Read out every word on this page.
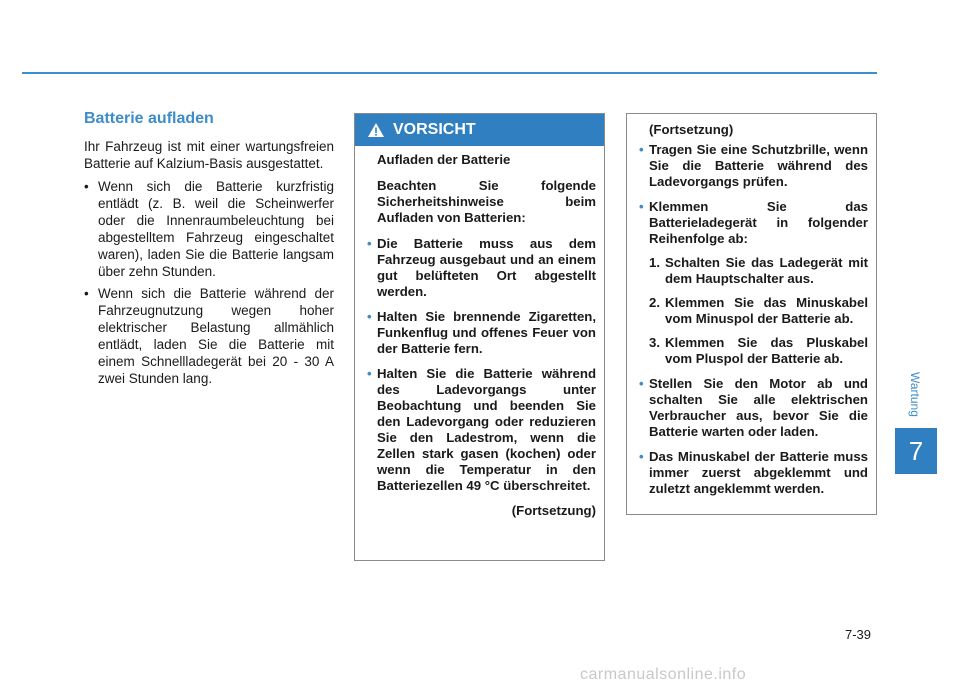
Batterie aufladen

Ihr Fahrzeug ist mit einer wartungsfreien Batterie auf Kalzium-Basis ausgestattet.

• Wenn sich die Batterie kurzfristig entlädt (z. B. weil die Scheinwerfer oder die Innenraumbeleuchtung bei abgestelltem Fahrzeug eingeschaltet waren), laden Sie die Batterie langsam über zehn Stunden.
• Wenn sich die Batterie während der Fahrzeugnutzung wegen hoher elektrischer Belastung allmählich entlädt, laden Sie die Batterie mit einem Schnellladegerät bei 20 - 30 A zwei Stunden lang.
VORSICHT

Aufladen der Batterie

Beachten Sie folgende Sicherheitshinweise beim Aufladen von Batterien:

• Die Batterie muss aus dem Fahrzeug ausgebaut und an einem gut belüfteten Ort abgestellt werden.
• Halten Sie brennende Zigaretten, Funkenflug und offenes Feuer von der Batterie fern.
• Halten Sie die Batterie während des Ladevorgangs unter Beobachtung und beenden Sie den Ladevorgang oder reduzieren Sie den Ladestrom, wenn die Zellen stark gasen (kochen) oder wenn die Temperatur in den Batteriezellen 49 °C überschreitet.

(Fortsetzung)

(Fortsetzung)

• Tragen Sie eine Schutzbrille, wenn Sie die Batterie während des Ladevorgangs prüfen.
• Klemmen Sie das Batterieladegerät in folgender Reihenfolge ab:
1. Schalten Sie das Ladegerät mit dem Hauptschalter aus.
2. Klemmen Sie das Minuskabel vom Minuspol der Batterie ab.
3. Klemmen Sie das Pluskabel vom Pluspol der Batterie ab.
• Stellen Sie den Motor ab und schalten Sie alle elektrischen Verbraucher aus, bevor Sie die Batterie warten oder laden.
• Das Minuskabel der Batterie muss immer zuerst abgeklemmt und zuletzt angeklemmt werden.
Wartung
7
7-39
carmanualsonline.info
